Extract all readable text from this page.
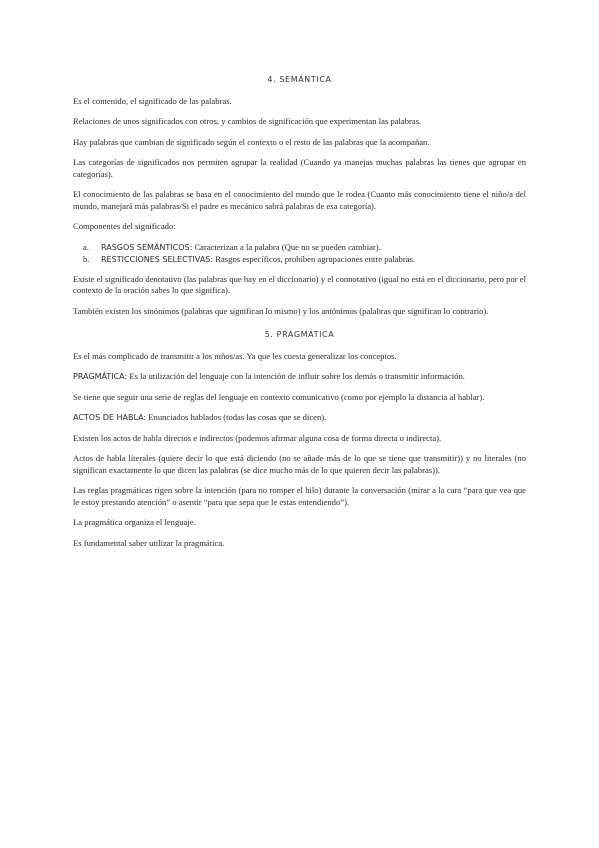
4. SEMÁNTICA

Es el contenido, el significado de las palabras.

Relaciones de unos significados con otros, y cambios de significación que experimentan las palabras.

Hay palabras que cambian de significado según el contexto o el resto de las palabras que la acompañan.

Las categorías de significados nos permiten agrupar la realidad (Cuando ya manejas muchas palabras las tienes que agrupar en categorías).

El conocimiento de las palabras se basa en el conocimiento del mundo que le rodea (Cuanto más conocimiento tiene el niño/a del mundo, manejará más palabras/Si el padre es mecánico sabrá palabras de esa categoría).

Componentes del significado:

a. RASGOS SEMÁNTICOS: Caracterizan a la palabra (Que no se pueden cambiar).
b. RESTICCIONES SELECTIVAS: Rasgos específicos, prohíben agrupaciones entre palabras.

Existe el significado denotativo (las palabras que hay en el diccionario) y el connotativo (igual no está en el diccionario, pero por el contexto de la oración sabes lo que significa).

También existen los sinónimos (palabras que significan lo mismo) y los antónimos (palabras que significan lo contrario).

5. PRAGMÁTICA

Es el más complicado de transmitir a los niños/as. Ya que les cuesta generalizar los conceptos.

PRAGMÁTICA: Es la utilización del lenguaje con la intención de influir sobre los demás o transmitir información.

Se tiene que seguir una serie de reglas del lenguaje en contexto comunicativo (como por ejemplo la distancia al hablar).

ACTOS DE HABLA: Enunciados hablados (todas las cosas que se dicen).

Existen los actos de habla directos e indirectos (podemos afirmar alguna cosa de forma directa o indirecta).

Actos de habla literales (quiere decir lo que está diciendo (no se añade más de lo que se tiene que transmitir)) y no literales (no significan exactamente lo que dicen las palabras (se dice mucho más de lo que quieren decir las palabras)).

Las reglas pragmáticas rigen sobre la intención (para no romper el hilo) durante la conversación (mirar a la cara “para que vea que le estoy prestando atención” o asentir “para que sepa que le estas entendiendo”).

La pragmática organiza el lenguaje.

Es fundamental saber utilizar la pragmática.
